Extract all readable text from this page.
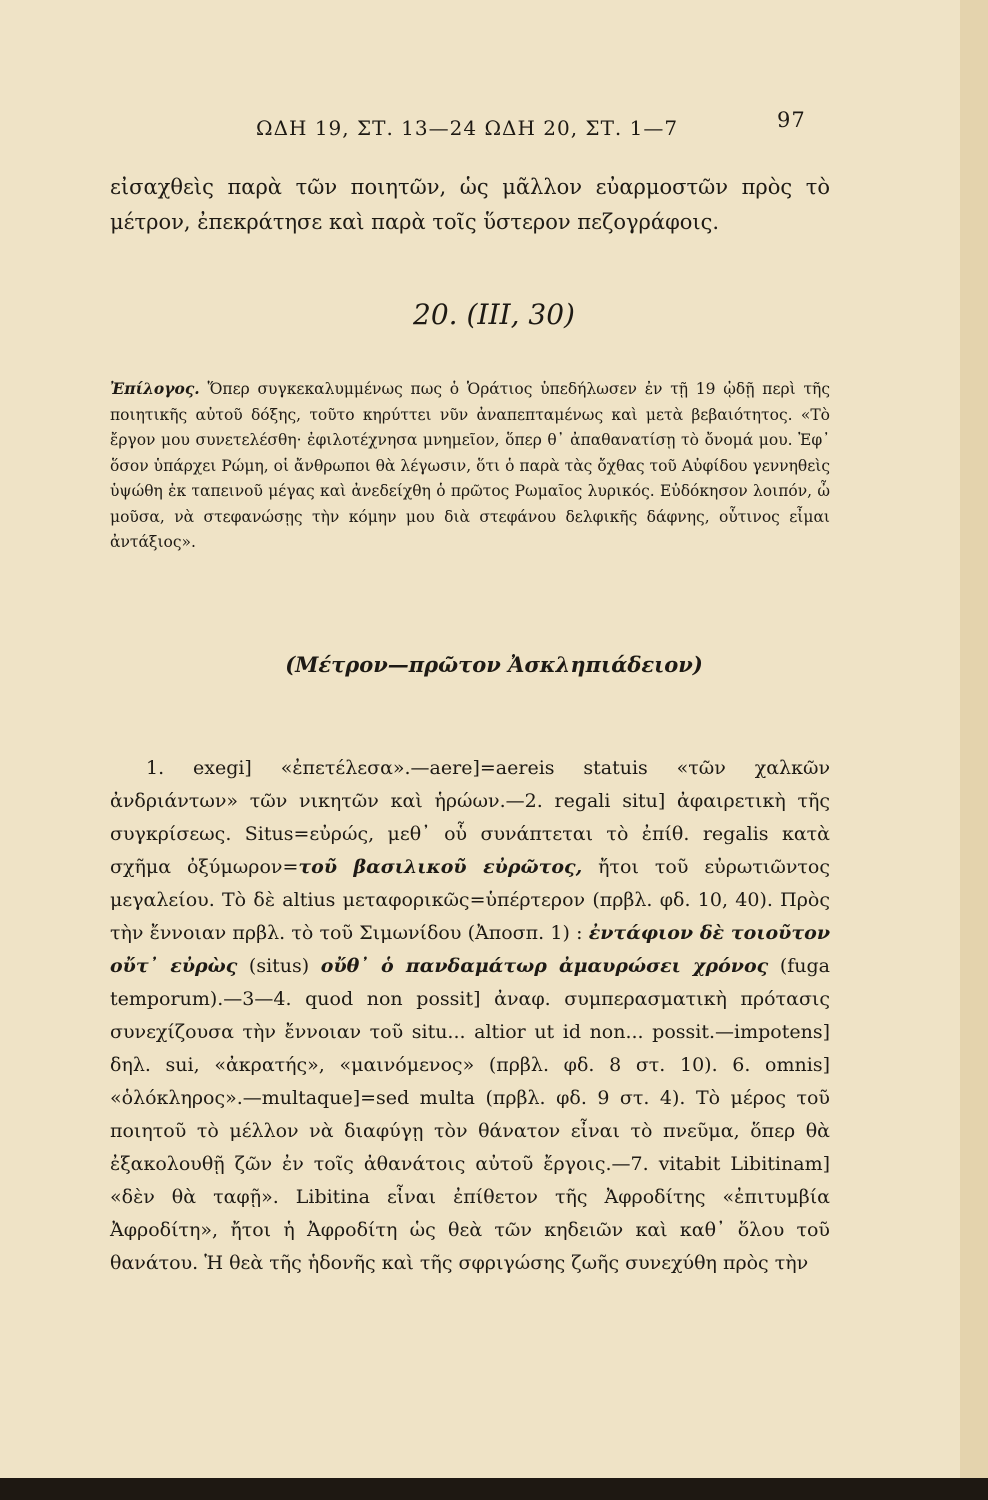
ΩΔΗ 19, ΣΤ. 13—24 ΩΔΗ 20, ΣΤ. 1—7	97

εἰσαχθεὶς παρὰ τῶν ποιητῶν, ὡς μᾶλλον εὐαρμοστῶν πρὸς τὸ μέτρον, ἐπεκράτησε καὶ παρὰ τοῖς ὕστερον πεζογράφοις.

20. (III, 30)

Ἐπίλογος. Ὅπερ συγκεκαλυμμένως πως ὁ Ὁράτιος ὑπεδήλωσεν ἐν τῇ 19 ᾠδῇ περὶ τῆς ποιητικῆς αὐτοῦ δόξης, τοῦτο κηρύττει νῦν ἀναπεπταμένως καὶ μετὰ βεβαιότητος. «Τὸ ἔργον μου συνετελέσθη· ἐφιλοτέχνησα μνημεῖον, ὅπερ θ᾽ ἀπαθανατίσῃ τὸ ὄνομά μου. Ἐφ᾽ ὅσον ὑπάρχει Ρώμη, οἱ ἄνθρωποι θὰ λέγωσιν, ὅτι ὁ παρὰ τὰς ὄχθας τοῦ Αὐφίδου γεννηθεὶς ὑψώθη ἐκ ταπεινοῦ μέγας καὶ ἀνεδείχθη ὁ πρῶτος Ρωμαῖος λυρικός. Εὐδόκησον λοιπόν, ὦ μοῦσα, νὰ στεφανώσῃς τὴν κόμην μου διὰ στεφάνου δελφικῆς δάφνης, οὗτινος εἶμαι ἀντάξιος».

(Μέτρον—πρῶτον Ἀσκληπιάδειον)

1. exegi] «ἐπετέλεσα».—aere]=aereis statuis «τῶν χαλκῶν ἀνδριάντων» τῶν νικητῶν καὶ ἡρώων.—2. regali situ] ἀφαιρετικὴ τῆς συγκρίσεως. Situs=εὐρώς, μεθ᾽ οὗ συνάπτεται τὸ ἐπίθ. regalis κατὰ σχῆμα ὀξύμωρον=τοῦ βασιλικοῦ εὐρῶτος, ἤτοι τοῦ εὐρωτιῶντος μεγαλείου. Τὸ δὲ altius μεταφορικῶς=ὑπέρτερον (πρβλ. φδ. 10, 40). Πρὸς τὴν ἔννοιαν πρβλ. τὸ τοῦ Σιμωνίδου (Ἀποσπ. 1) : ἐντάφιον δὲ τοιοῦτον οὔτ᾽ εὐρὼς (situs) οὔθ᾽ ὁ πανδαμάτωρ ἀμαυρώσει χρόνος (fuga temporum).—3—4. quod non possit] ἀναφ. συμπερασματικὴ πρότασις συνεχίζουσα τὴν ἔννοιαν τοῦ situ... altior ut id non... possit.—impotens] δηλ. sui, «ἀκρατής», «μαινόμενος» (πρβλ. φδ. 8 στ. 10). 6. omnis] «ὁλόκληρος».—multaque]=sed multa (πρβλ. φδ. 9 στ. 4). Τὸ μέρος τοῦ ποιητοῦ τὸ μέλλον νὰ διαφύγῃ τὸν θάνατον εἶναι τὸ πνεῦμα, ὅπερ θὰ ἐξακολουθῇ ζῶν ἐν τοῖς ἀθανάτοις αὐτοῦ ἔργοις.—7. vitabit Libitinam] «δὲν θὰ ταφῇ». Libitina εἶναι ἐπίθετον τῆς Ἀφροδίτης «ἐπιτυμβία Ἀφροδίτη», ἤτοι ἡ Ἀφροδίτη ὡς θεὰ τῶν κηδειῶν καὶ καθ᾽ ὅλου τοῦ θανάτου. Ἡ θεὰ τῆς ἡδονῆς καὶ τῆς σφριγώσης ζωῆς συνεχύθη πρὸς τὴν
